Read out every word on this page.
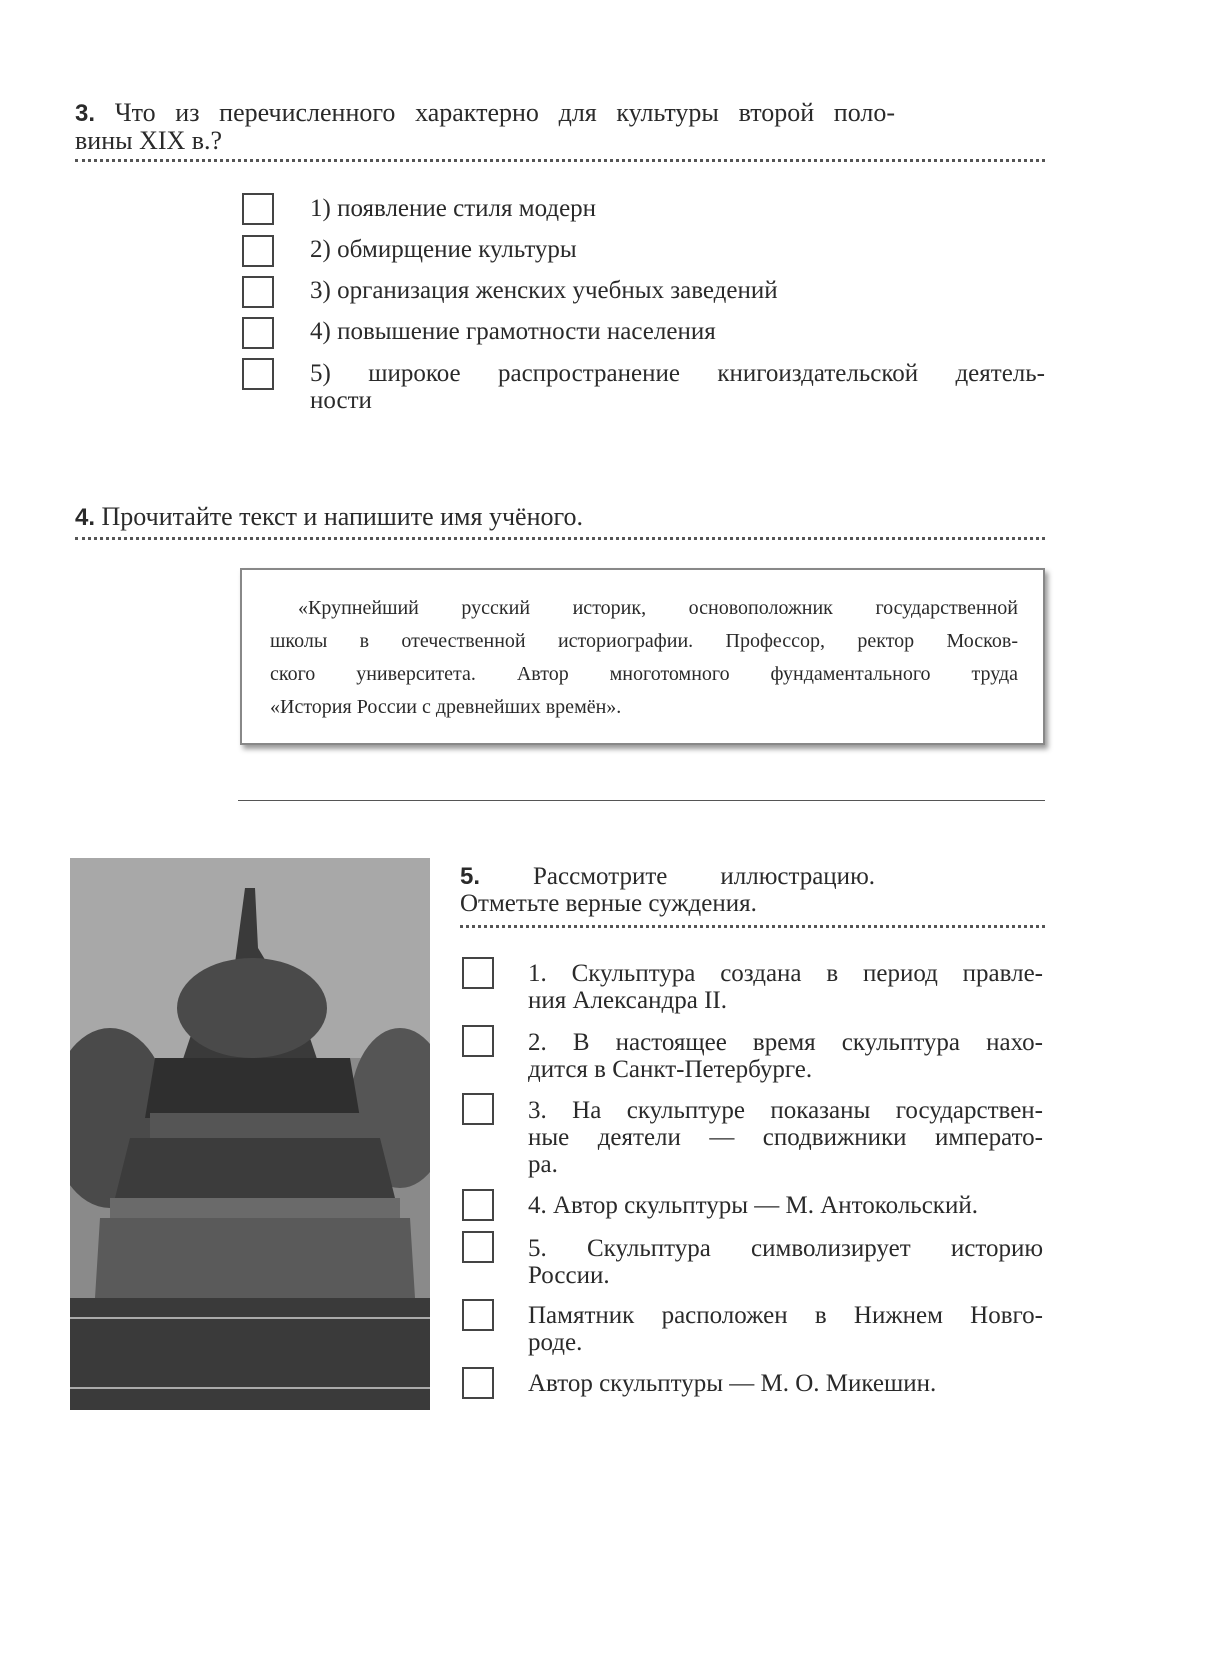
3. Что из перечисленного характерно для культуры второй поло-
вины XIX в.?
1) появление стиля модерн
2) обмирщение культуры
3) организация женских учебных заведений
4) повышение грамотности населения
5) широкое распространение книгоиздательской деятель-
ности
4. Прочитайте текст и напишите имя учёного.
«Крупнейший русский историк, основоположник государственной
школы в отечественной историографии. Профессор, ректор Москов-
ского университета. Автор многотомного фундаментального труда
«История России с древнейших времён».
5. Рассмотрите иллюстрацию.
Отметьте верные суждения.
1. Скульптура создана в период правле-
ния Александра II.
2. В настоящее время скульптура нахо-
дится в Санкт-Петербурге.
3. На скульптуре показаны государствен-
ные деятели — сподвижники императо-
ра.
4. Автор скульптуры — М. Антокольский.
5. Скульптура символизирует историю
России.
Памятник расположен в Нижнем Новго-
роде.
Автор скульптуры — М. О. Микешин.
